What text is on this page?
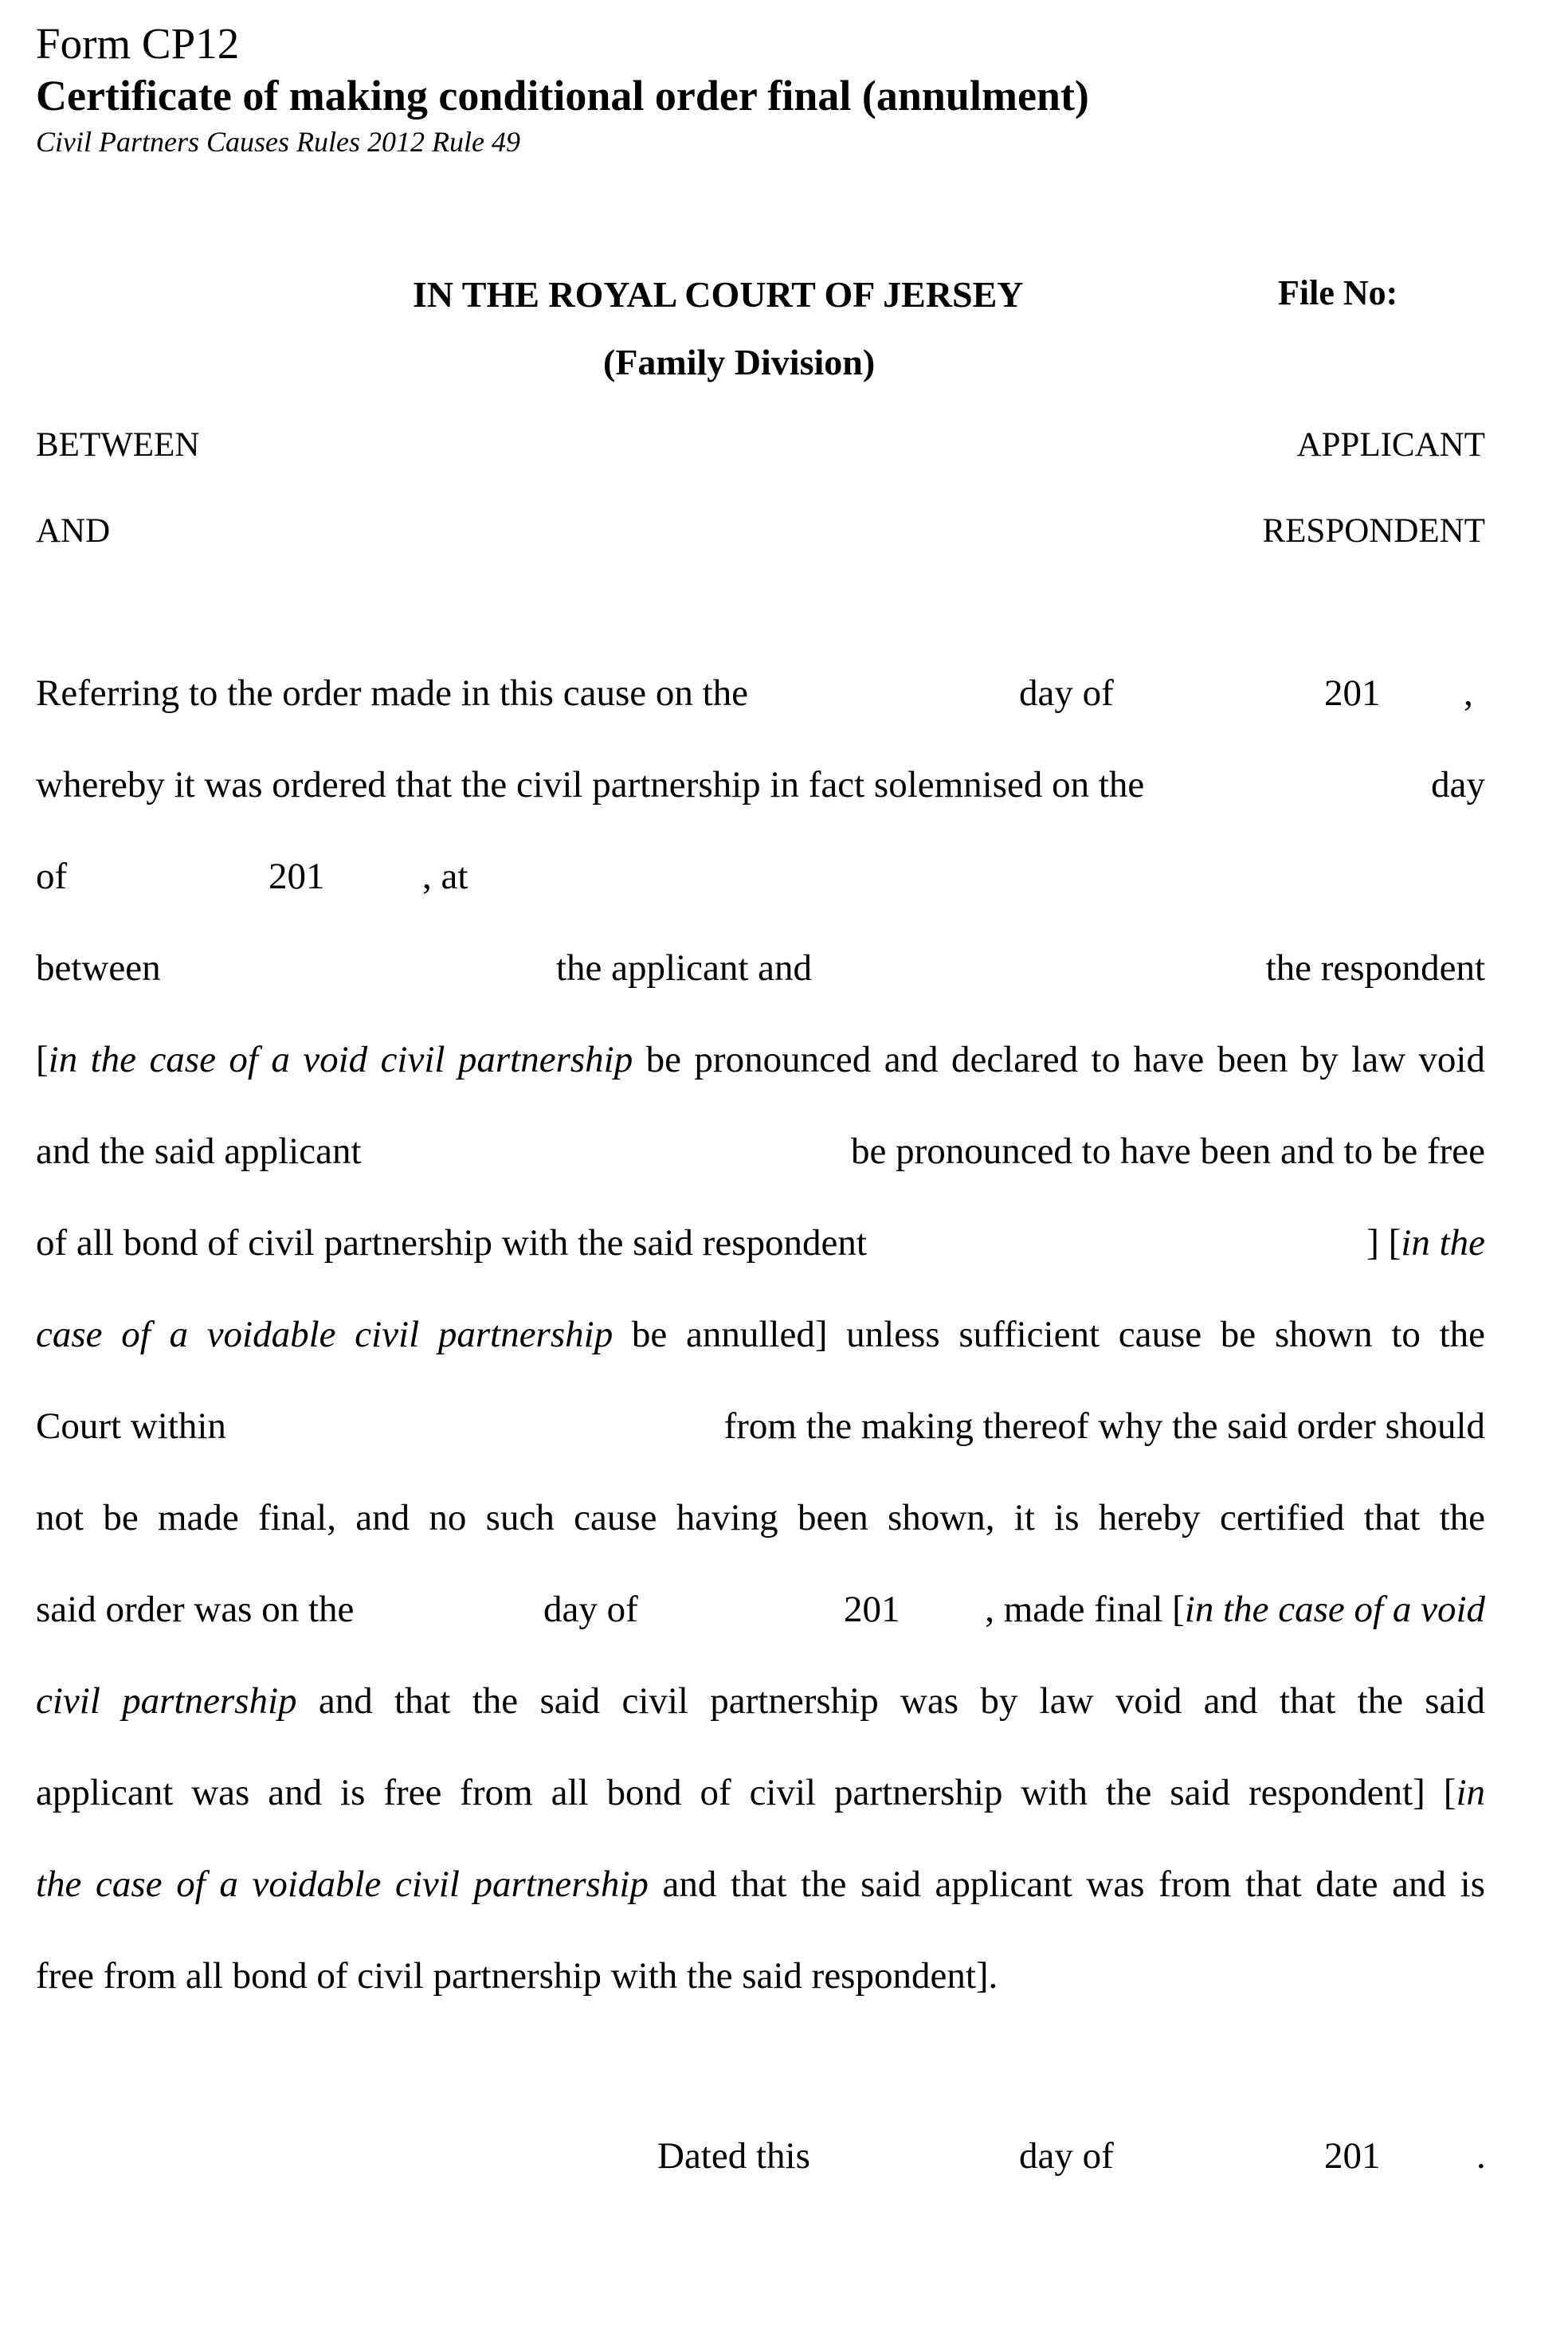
Form CP12
Certificate of making conditional order final (annulment)
Civil Partners Causes Rules 2012 Rule 49
IN THE ROYAL COURT OF JERSEY	File No:
(Family Division)
BETWEEN	APPLICANT
AND	RESPONDENT
Referring to the order made in this cause on the	day of	201 ,
whereby it was ordered that the civil partnership in fact solemnised on the	day
of	201	, at
between	the applicant and	the respondent
[in the case of a void civil partnership be pronounced and declared to have been by law void
and the said applicant	be pronounced to have been and to be free
of all bond of civil partnership with the said respondent	] [in the
case of a voidable civil partnership be annulled] unless sufficient cause be shown to the
Court within	from the making thereof why the said order should
not be made final, and no such cause having been shown, it is hereby certified that the
said order was on the	day of	201 , made final [in the case of a void
civil partnership and that the said civil partnership was by law void and that the said
applicant was and is free from all bond of civil partnership with the said respondent] [in
the case of a voidable civil partnership and that the said applicant was from that date and is
free from all bond of civil partnership with the said respondent].
Dated this	day of	201	.
